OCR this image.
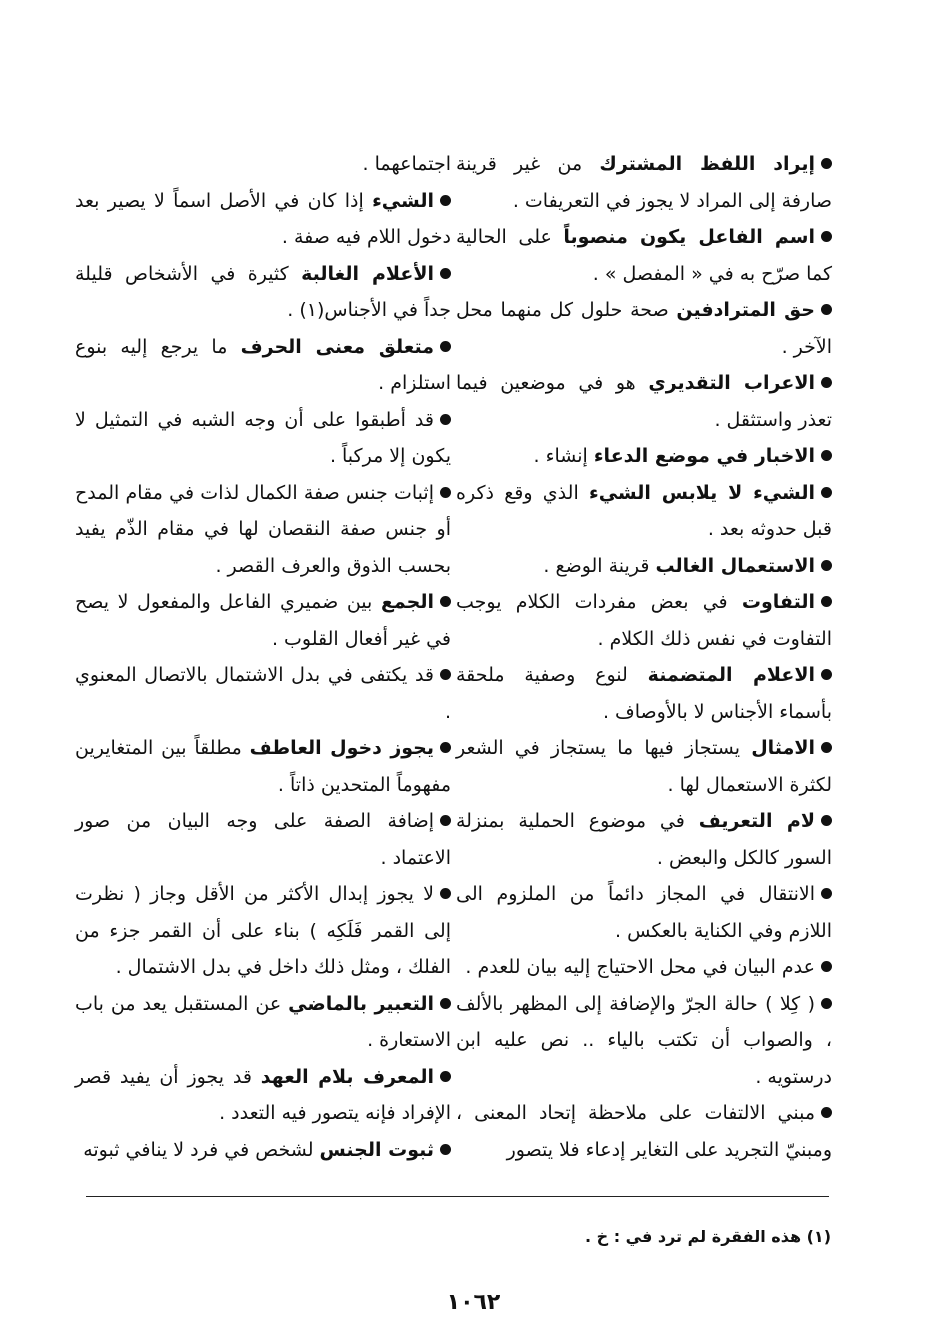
إيراد اللفظ المشترك من غير قرينة صارفة إلى المراد لا يجوز في التعريفات .

اسم الفاعل يكون منصوباً على الحالية كما صرّح به في « المفصل » .

حق المترادفين صحة حلول كل منهما محل الآخر .

الاعراب التقديري هو في موضعين فيما تعذر واستثقل .

الاخبار في موضع الدعاء إنشاء .

الشيء لا يلابس الشيء الذي وقع ذكره قبل حدوثه بعد .

الاستعمال الغالب قرينة الوضع .

التفاوت في بعض مفردات الكلام يوجب التفاوت في نفس ذلك الكلام .

الاعلام المتضمنة لنوع وصفية ملحقة بأسماء الأجناس لا بالأوصاف .

الامثال يستجاز فيها ما يستجاز في الشعر لكثرة الاستعمال لها .

لام التعريف في موضوع الحملية بمنزلة السور كالكل والبعض .

الانتقال في المجاز دائماً من الملزوم الى اللازم وفي الكناية بالعكس .

عدم البيان في محل الاحتياج إليه بيان للعدم .

( كِلا ) حالة الجرّ والإضافة إلى المظهر بالألف ، والصواب أن تكتب بالياء .. نص عليه ابن درستويه .

مبني الالتفات على ملاحظة إتحاد المعنى ، ومبنيّ التجريد على التغاير إدعاء فلا يتصور

اجتماعهما .

الشيء إذا كان في الأصل اسماً لا يصير بعد دخول اللام فيه صفة .

الأعلام الغالبة كثيرة في الأشخاص قليلة جداً في الأجناس(١) .

متعلق معنى الحرف ما يرجع إليه بنوع استلزام .

قد أطبقوا على أن وجه الشبه في التمثيل لا يكون إلا مركباً .

إثبات جنس صفة الكمال لذات في مقام المدح أو جنس صفة النقصان لها في مقام الذّم يفيد بحسب الذوق والعرف القصر .

الجمع بين ضميري الفاعل والمفعول لا يصح في غير أفعال القلوب .

قد يكتفى في بدل الاشتمال بالاتصال المعنوي .

يجوز دخول العاطف مطلقاً بين المتغايرين مفهوماً المتحدين ذاتاً .

إضافة الصفة على وجه البيان من صور الاعتماد .

لا يجوز إبدال الأكثر من الأقل وجاز ( نظرت إلى القمر فَلَكِه ) بناء على أن القمر جزء من الفلك ، ومثل ذلك داخل في بدل الاشتمال .

التعبير بالماضي عن المستقبل يعد من باب الاستعارة .

المعرف بلام العهد قد يجوز أن يفيد قصر الإفراد فإنه يتصور فيه التعدد .

ثبوت الجنس لشخص في فرد لا ينافي ثبوته

(١) هذه الفقرة لم ترد في : خ .
١٠٦٢
